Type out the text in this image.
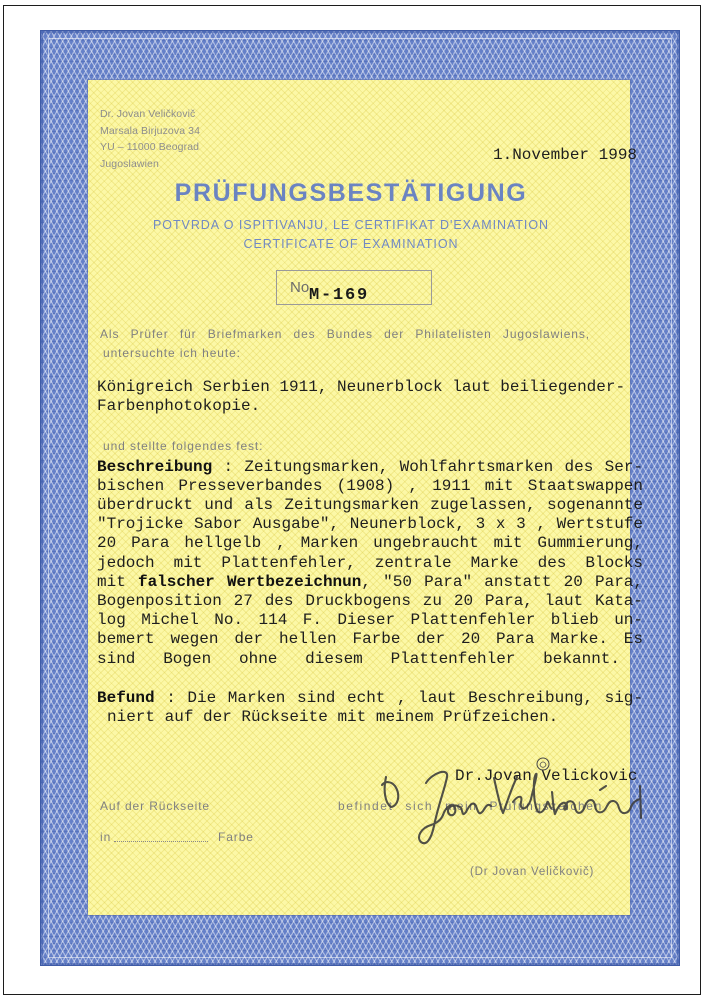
Dr. Jovan Veličkovič
Marsala Birjuzova 34
YU – 11000 Beograd
Jugoslawien	1.November 1998
PRÜFUNGSBESTÄTIGUNG
POTVRDA O ISPITIVANJU, LE CERTIFIKAT D'EXAMINATION
CERTIFICATE OF EXAMINATION
No M-169
Als Prüfer für Briefmarken des Bundes der Philatelisten Jugoslawiens,
untersuchte ich heute:
Königreich Serbien 1911, Neunerblock laut beiliegender-
Farbenphotokopie.
und stellte folgendes fest:
Beschreibung : Zeitungsmarken, Wohlfahrtsmarken des Ser-
bischen Presseverbandes (1908) , 1911 mit Staatswappen
überdruckt und als Zeitungsmarken zugelassen, sogenannte
"Trojicke Sabor Ausgabe", Neunerblock, 3 x 3 , Wertstufe
20 Para hellgelb , Marken ungebraucht mit Gummierung,
jedoch mit Plattenfehler, zentrale Marke des Blocks
mit falscher Wertbezeichnun, "50 Para" anstatt 20 Para,
Bogenposition 27 des Druckbogens zu 20 Para, laut Kata-
log Michel No. 114 F. Dieser Plattenfehler blieb un-
bemert wegen der hellen Farbe der 20 Para Marke. Es
sind Bogen ohne diesem Plattenfehler bekannt.
Befund : Die Marken sind echt , laut Beschreibung, sig-
niert auf der Rückseite mit meinem Prüfzeichen.
Dr.Jovan Velickovic
Auf der Rückseite	befindet sich mein Prüfungszeichen
in	Farbe
(Dr Jovan Veličkovič)
